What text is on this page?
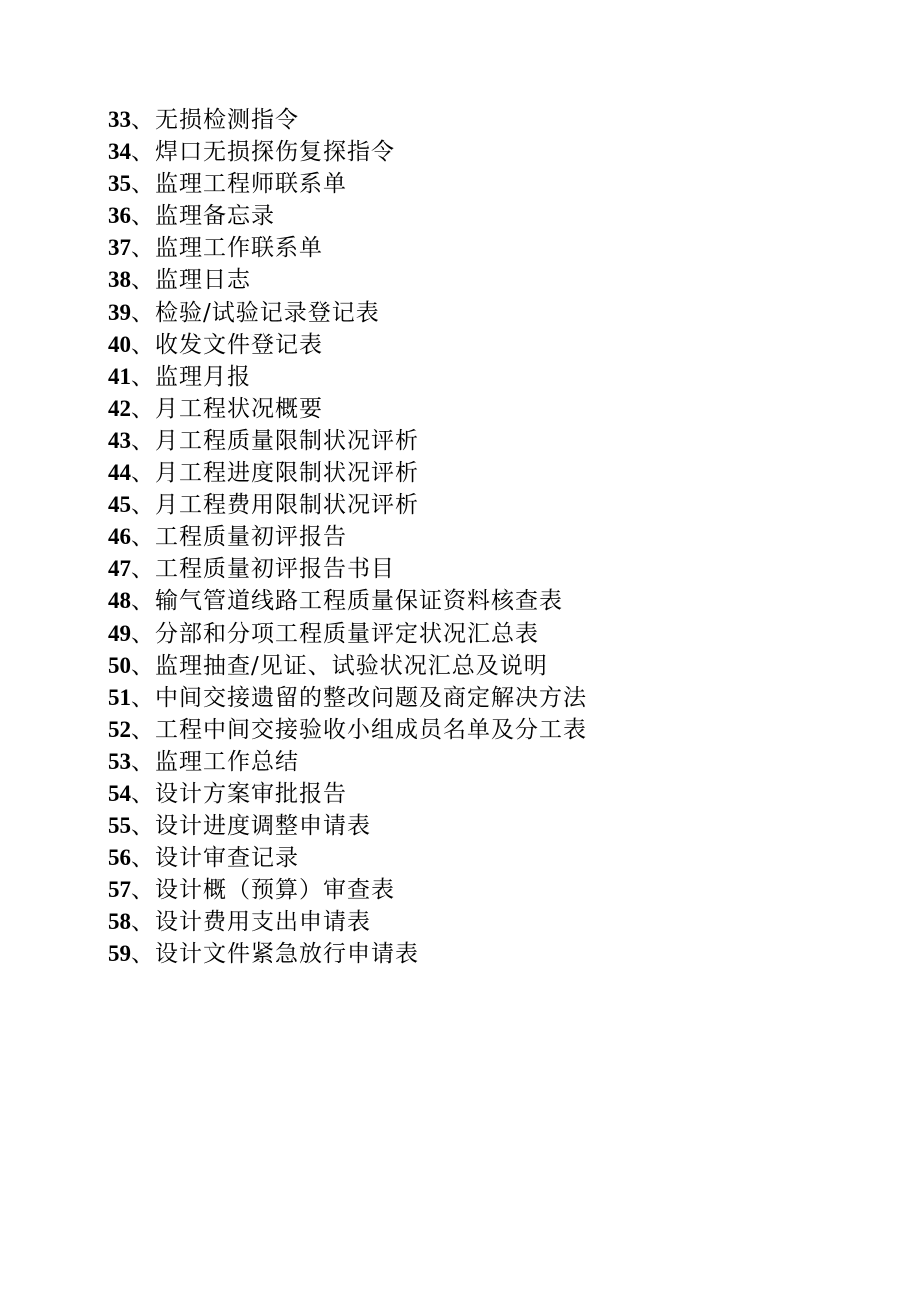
33、无损检测指令
34、焊口无损探伤复探指令
35、监理工程师联系单
36、监理备忘录
37、监理工作联系单
38、监理日志
39、检验/试验记录登记表
40、收发文件登记表
41、监理月报
42、月工程状况概要
43、月工程质量限制状况评析
44、月工程进度限制状况评析
45、月工程费用限制状况评析
46、工程质量初评报告
47、工程质量初评报告书目
48、输气管道线路工程质量保证资料核查表
49、分部和分项工程质量评定状况汇总表
50、监理抽查/见证、试验状况汇总及说明
51、中间交接遗留的整改问题及商定解决方法
52、工程中间交接验收小组成员名单及分工表
53、监理工作总结
54、设计方案审批报告
55、设计进度调整申请表
56、设计审查记录
57、设计概（预算）审查表
58、设计费用支出申请表
59、设计文件紧急放行申请表
